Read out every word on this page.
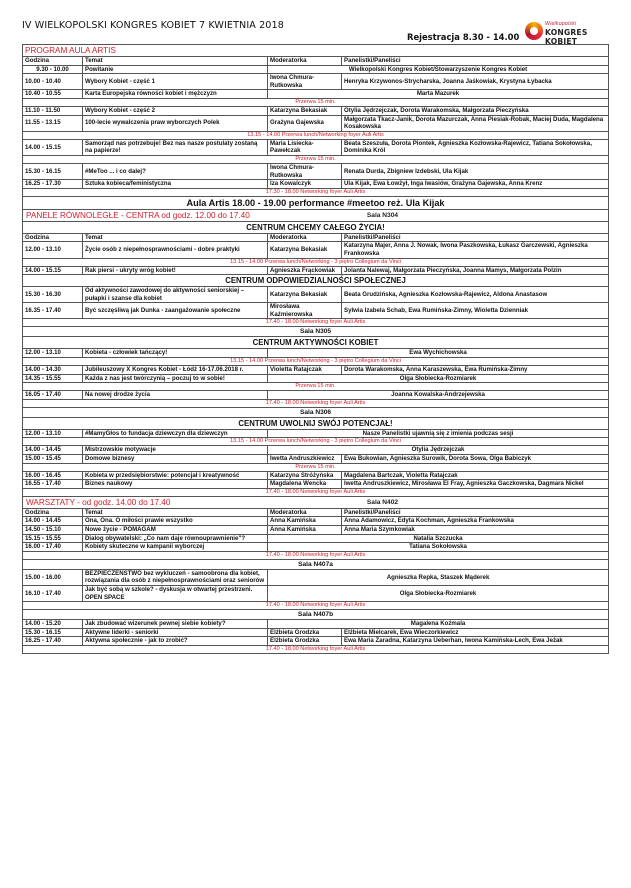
IV WIELKOPOLSKI KONGRES KOBIET 7 KWIETNIA 2018
Rejestracja 8.30 - 14.00
Wielkopolski
KONGRES KOBIET
PROGRAM AULA ARTIS			
Godzina	Temat	Moderatorka	Panelistki/Paneliści
9.30 - 10.00	Powitanie	Wielkopolski Kongres Kobiet/Stowarzyszenie Kongres Kobiet	
10.00 - 10.40	Wybory Kobiet - część 1	Iwona Chmura-Rutkowska	Henryka Krzywonos-Strycharska, Joanna Jaśkowiak, Krystyna Łybacka
10.40 - 10.55	Karta Europejska równości kobiet i mężczyzn	Marta Mazurek	
Przerwa 15 min.			
11.10 - 11.50	Wybory Kobiet - część 2	Katarzyna Bekasiak	Otylia Jędrzejczak, Dorota Warakomska, Małgorzata Pieczyńska
11.55 - 13.15	100-lecie wywalczenia praw wyborczych Polek	Grażyna Gajewska	Małgorzata Tkacz-Janik, Dorota Mazurczak, Anna Piesiak-Robak, Maciej Duda, Magdalena Kosakowska
13.15 - 14.00 Przerwa lunch/Networking foyer Auli Artis			
14.00 - 15.15	Samorząd nas potrzebuje! Bez nas nasze postulaty zostaną na papierze!	Maria Lisiecka-Pawełczak	Beata Szeszuła, Dorota Piontek, Agnieszka Kozłowska-Rajewicz, Tatiana Sokołowska, Dominika Król
Przerwa 15 min.			
15.30 - 16.15	#MeToo ... i co dalej?	Iwona Chmura-Rutkowska	Renata Durda, Zbigniew Izdebski, Ula Kijak
16.25 - 17.30	Sztuka kobieca/feministyczna	Iza Kowalczyk	Ula Kijak, Ewa Łowżył, Inga Iwasiów, Grażyna Gajewska, Anna Krenz
17.30 - 18.00 Networking foyer Auli Artis			
Aula Artis 18.00 - 19.00 performance #meetoo reż. Ula Kijak			

PANELE RÓWNOLEGŁE - CENTRA od godz. 12.00 do 17.40 Sala N304			

CENTRUM CHCEMY CAŁEGO ŻYCIA!			
Godzina	Temat	Moderatorka	Panelistki/Paneliści
12.00 - 13.10	Życie osób z niepełnosprawnościami - dobre praktyki	Katarzyna Bekasiak	Katarzyna Majer, Anna J. Nowak, Iwona Paszkowska, Łukasz Garczewski, Agnieszka Frankowska
13.15 - 14.00 Przerwa lunch/Networking - 3 piętro Collegium da Vinci			
14.00 - 15.15	Rak piersi - ukryty wróg kobiet!	Agnieszka Frąckowiak	Jolanta Nalewaj, Małgorzata Pieczyńska, Joanna Mamys, Małgorzata Polzin
CENTRUM ODPOWIEDZIALNOŚCI SPOŁECZNEJ			
15.30 - 16.30	Od aktywności zawodowej do aktywności seniorskiej – pułapki i szanse dla kobiet	Katarzyna Bekasiak	Beata Grudzińska, Agnieszka Kozłowska-Rajewicz, Aldona Anastasow
16.35 - 17.40	Być szczęśliwą jak Dunka - zaangażowanie społeczne	Mirosława Kaźmierowska	Sylwia Izabela Schab, Ewa Rumińska-Zimny, Wioletta Dzienniak
17.40 - 18.00 Networking foyer Auli Artis			
Sala N305			
CENTRUM AKTYWNOŚCI KOBIET			
12.00 - 13.10	Kobieta - człowiek tańczący!	Ewa Wychichowska	
13.15 - 14.00 Przerwa lunch/Networking - 3 piętro Collegium da Vinci			
14.00 - 14.30	Jubileuszowy X Kongres Kobiet - Łódź 16-17.06.2018 r.	Violetta Ratajczak	Dorota Warakomska, Anna Karaszewska, Ewa Rumińska-Zimny
14.35 - 15.55	Każda z nas jest twórczynią – poczuj to w sobie!	Olga Słobiecka-Rozmiarek	
Przerwa 15 min.			
16.05 - 17.40	Na nowej drodze życia	Joanna Kowalska-Andrzejewska	
17.40 - 18.00 Networking foyer Auli Artis			
Sala N306			
CENTRUM UWOLNIJ SWÓJ POTENCJAŁ!			
12.00 - 13.10	#MamyGłos to fundacja dziewczyn dla dziewczyn	Nasze Panelistki ujawnią się z imienia podczas sesji	
13.15 - 14.00 Przerwa lunch/Networking - 3 piętro Collegium da Vinci			
14.00 - 14.45	Mistrzowskie motywacje	Otylia Jędrzejczak	
15.00 - 15.45	Domowe biznesy	Iwetta Andruszkiewicz	Ewa Bukowian, Agnieszka Surowik, Dorota Sowa, Olga Babiczyk
Przerwa 15 min.			
16.00 - 16.45	Kobieta w przedsiębiorstwie: potencjał i kreatywność	Katarzyna Stróżyńska	Magdalena Bartczak, Violetta Ratajczak
16.55 - 17.40	Biznes naukowy	Magdalena Wencka	Iwetta Andruszkiewicz, Mirosława El Fray, Agnieszka Gaczkowska, Dagmara Nickel
17.40 - 18.00 Networking foyer Auli Artis			

WARSZTATY - od godz. 14.00 do 17.40 Sala N402			

Godzina	Temat	Moderatorka	Panelistki/Paneliści
14.00 - 14.45	Ona, Ona. O miłości prawie wszystko	Anna Kamińska	Anna Adamowicz, Edyta Kochman, Agnieszka Frankowska
14.50 - 15.10	Nowe życie - POMAGAM	Anna Kamińska	Anna Maria Szymkowiak
15.15 - 15.55	Dialog obywatelski: „Co nam daje równouprawnienie”?	Natalia Szczucka	
16.00 - 17.40	Kobiety skuteczne w kampanii wyborczej	Tatiana Sokołowska	
17.40 - 18.00 Networking foyer Auli Artis			
Sala N407a			
15.00 - 16.00	BEZPIECZEŃSTWO bez wykluczeń - samoobrona dla kobiet, rozwiązania dla osób z niepełnosprawnościami oraz seniorów	Agnieszka Repka, Staszek Mąderek	
16.10 - 17.40	Jak być sobą w szkole? - dyskusja w otwartej przestrzeni. OPEN SPACE	Olga Słobiecka-Rozmiarek	
17.40 - 18.00 Networking foyer Auli Artis			
Sala N407b			
14.00 - 15.20	Jak zbudować wizerunek pewnej siebie kobiety?	Magalena Koźmala	
15.30 - 16.15	Aktywne liderki - seniorki	Elżbieta Grodzka	Elżbieta Mielcarek, Ewa Wieczorkiewicz
16.25 - 17.40	Aktywna społecznie - jak to zrobić?	Elżbieta Grodzka	Ewa Maria Zaradna, Katarzyna Ueberhan, Iwona Kamińska-Lech, Ewa Jeżak
17.40 - 18.00 Networking foyer Auli Artis			
